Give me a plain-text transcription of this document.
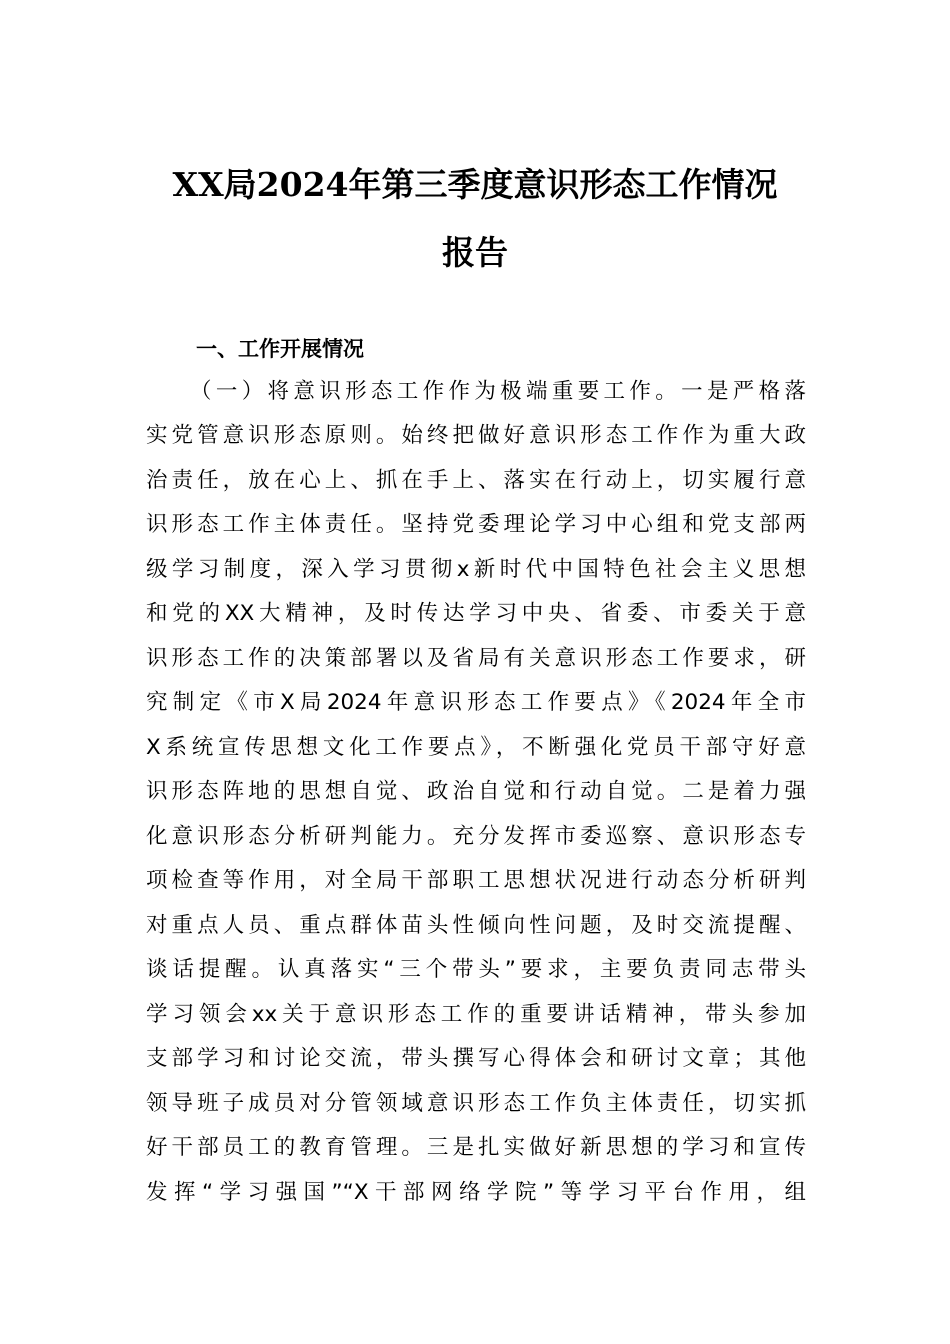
XX局2024年第三季度意识形态工作情况
报告
一、工作开展情况
（一）将意识形态工作作为极端重要工作。一是严格落
实党管意识形态原则。始终把做好意识形态工作作为重大政
治责任，放在心上、抓在手上、落实在行动上，切实履行意
识形态工作主体责任。坚持党委理论学习中心组和党支部两
级学习制度，深入学习贯彻x新时代中国特色社会主义思想
和党的XX大精神，及时传达学习中央、省委、市委关于意
识形态工作的决策部署以及省局有关意识形态工作要求，研
究制定《市X局2024年意识形态工作要点》《2024年全市
X系统宣传思想文化工作要点》，不断强化党员干部守好意
识形态阵地的思想自觉、政治自觉和行动自觉。二是着力强
化意识形态分析研判能力。充分发挥市委巡察、意识形态专
项检查等作用，对全局干部职工思想状况进行动态分析研判
对重点人员、重点群体苗头性倾向性问题，及时交流提醒、
谈话提醒。认真落实“三个带头”要求，主要负责同志带头
学习领会xx关于意识形态工作的重要讲话精神，带头参加
支部学习和讨论交流，带头撰写心得体会和研讨文章；其他
领导班子成员对分管领域意识形态工作负主体责任，切实抓
好干部员工的教育管理。三是扎实做好新思想的学习和宣传
发挥“学习强国”“X干部网络学院”等学习平台作用，组
